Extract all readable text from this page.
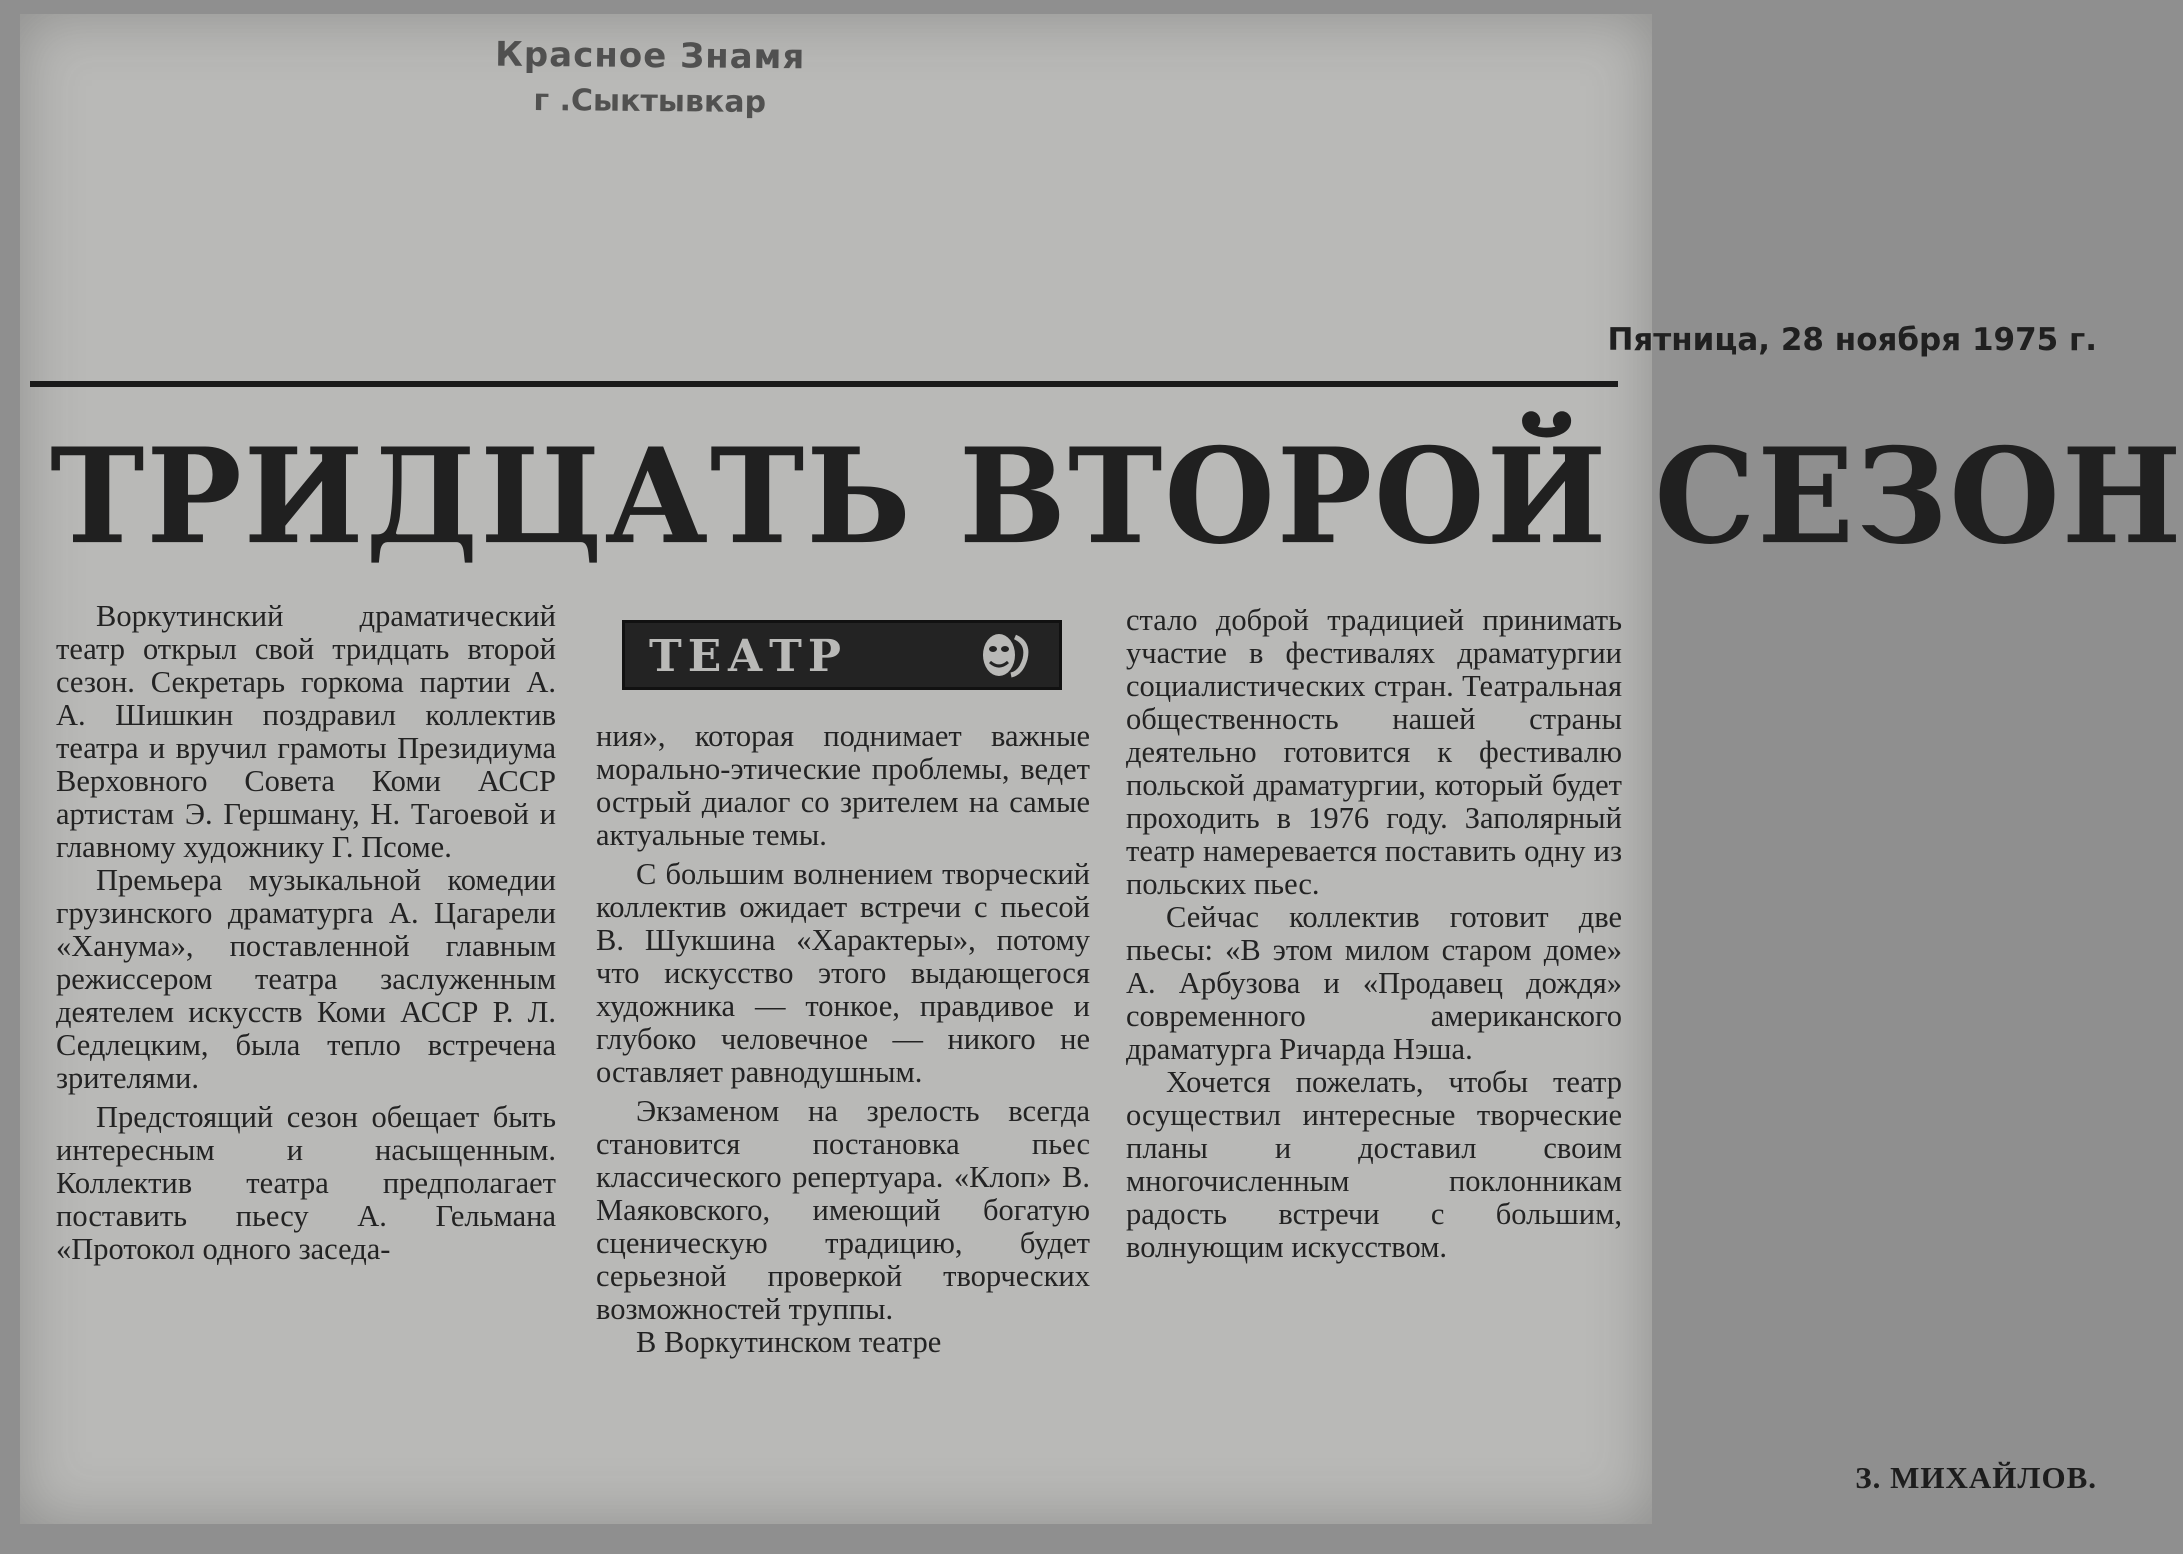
Красное Знамя
г .Сыктывкар
Пятница, 28 ноября 1975 г.
ТРИДЦАТЬ ВТОРОЙ СЕЗОН

Воркутинский драматический театр открыл свой тридцать второй сезон. Секретарь горкома партии А. А. Шишкин поздравил коллектив театра и вручил грамоты Президиума Верховного Совета Коми АССР артистам Э. Гершману, Н. Тагоевой и главному художнику Г. Псоме.

Премьера музыкальной комедии грузинского драматурга А. Цагарели «Ханума», поставленной главным режиссером театра заслуженным деятелем искусств Коми АССР Р. Л. Седлецким, была тепло встречена зрителями.

Предстоящий сезон обещает быть интересным и насыщенным. Коллектив театра предполагает поставить пьесу А. Гельмана «Протокол одного заседа-

ТЕАТР

ния», которая поднимает важные морально-этические проблемы, ведет острый диалог со зрителем на самые актуальные темы.

С большим волнением творческий коллектив ожидает встречи с пьесой В. Шукшина «Характеры», потому что искусство этого выдающегося художника — тонкое, правдивое и глубоко человечное — никого не оставляет равнодушным.

Экзаменом на зрелость всегда становится постановка пьес классического репертуара. «Клоп» В. Маяковского, имеющий богатую сценическую традицию, будет серьезной проверкой творческих возможностей труппы.

В Воркутинском театре

стало доброй традицией принимать участие в фестивалях драматургии социалистических стран. Театральная общественность нашей страны деятельно готовится к фестивалю польской драматургии, который будет проходить в 1976 году. Заполярный театр намеревается поставить одну из польских пьес.

Сейчас коллектив готовит две пьесы: «В этом милом старом доме» А. Арбузова и «Продавец дождя» современного американского драматурга Ричарда Нэша.

Хочется пожелать, чтобы театр осуществил интересные творческие планы и доставил своим многочисленным поклонникам радость встречи с большим, волнующим искусством.

З. МИХАЙЛОВ.
